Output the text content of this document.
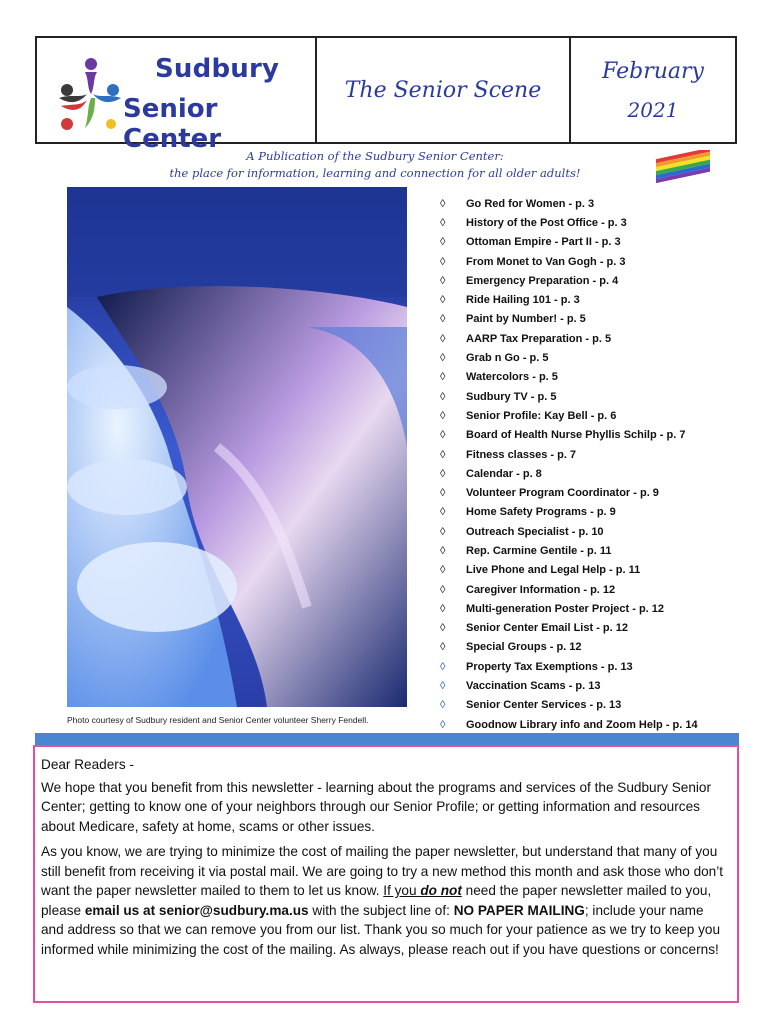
Sudbury
Senior Center
The Senior Scene
February
2021
A Publication of the Sudbury Senior Center:
the place for information, learning and connection for all older adults!
Photo courtesy of Sudbury resident and Senior Center volunteer Sherry Fendell.
◊	Go Red for Women - p. 3
◊	History of the Post Office - p. 3
◊	Ottoman Empire - Part II - p. 3
◊	From Monet to Van Gogh - p. 3
◊	Emergency Preparation - p. 4
◊	Ride Hailing 101 - p. 3
◊	Paint by Number! - p. 5
◊	AARP Tax Preparation - p. 5
◊	Grab n Go - p. 5
◊	Watercolors - p. 5
◊	Sudbury TV - p. 5
◊	Senior Profile: Kay Bell - p. 6
◊	Board of Health Nurse Phyllis Schilp - p. 7
◊	Fitness classes - p. 7
◊	Calendar - p. 8
◊	Volunteer Program Coordinator - p. 9
◊	Home Safety Programs - p. 9
◊	Outreach Specialist - p. 10
◊	Rep. Carmine Gentile - p. 11
◊	Live Phone and Legal Help - p. 11
◊	Caregiver Information - p. 12
◊	Multi-generation Poster Project - p. 12
◊	Senior Center Email List - p. 12
◊	Special Groups - p. 12
◊	Property Tax Exemptions - p. 13
◊	Vaccination Scams - p. 13
◊	Senior Center Services - p. 13
◊	Goodnow Library info and Zoom Help - p. 14

Dear Readers -

We hope that you benefit from this newsletter - learning about the programs and services of the Sudbury Senior Center; getting to know one of your neighbors through our Senior Profile; or getting information and resources about Medicare, safety at home, scams or other issues.

As you know, we are trying to minimize the cost of mailing the paper newsletter, but understand that many of you still benefit from receiving it via postal mail. We are going to try a new method this month and ask those who don’t want the paper newsletter mailed to them to let us know. If you do not need the paper newsletter mailed to you, please email us at senior@sudbury.ma.us with the subject line of: NO PAPER MAILING; include your name and address so that we can remove you from our list. Thank you so much for your patience as we try to keep you informed while minimizing the cost of the mailing. As always, please reach out if you have questions or concerns!
